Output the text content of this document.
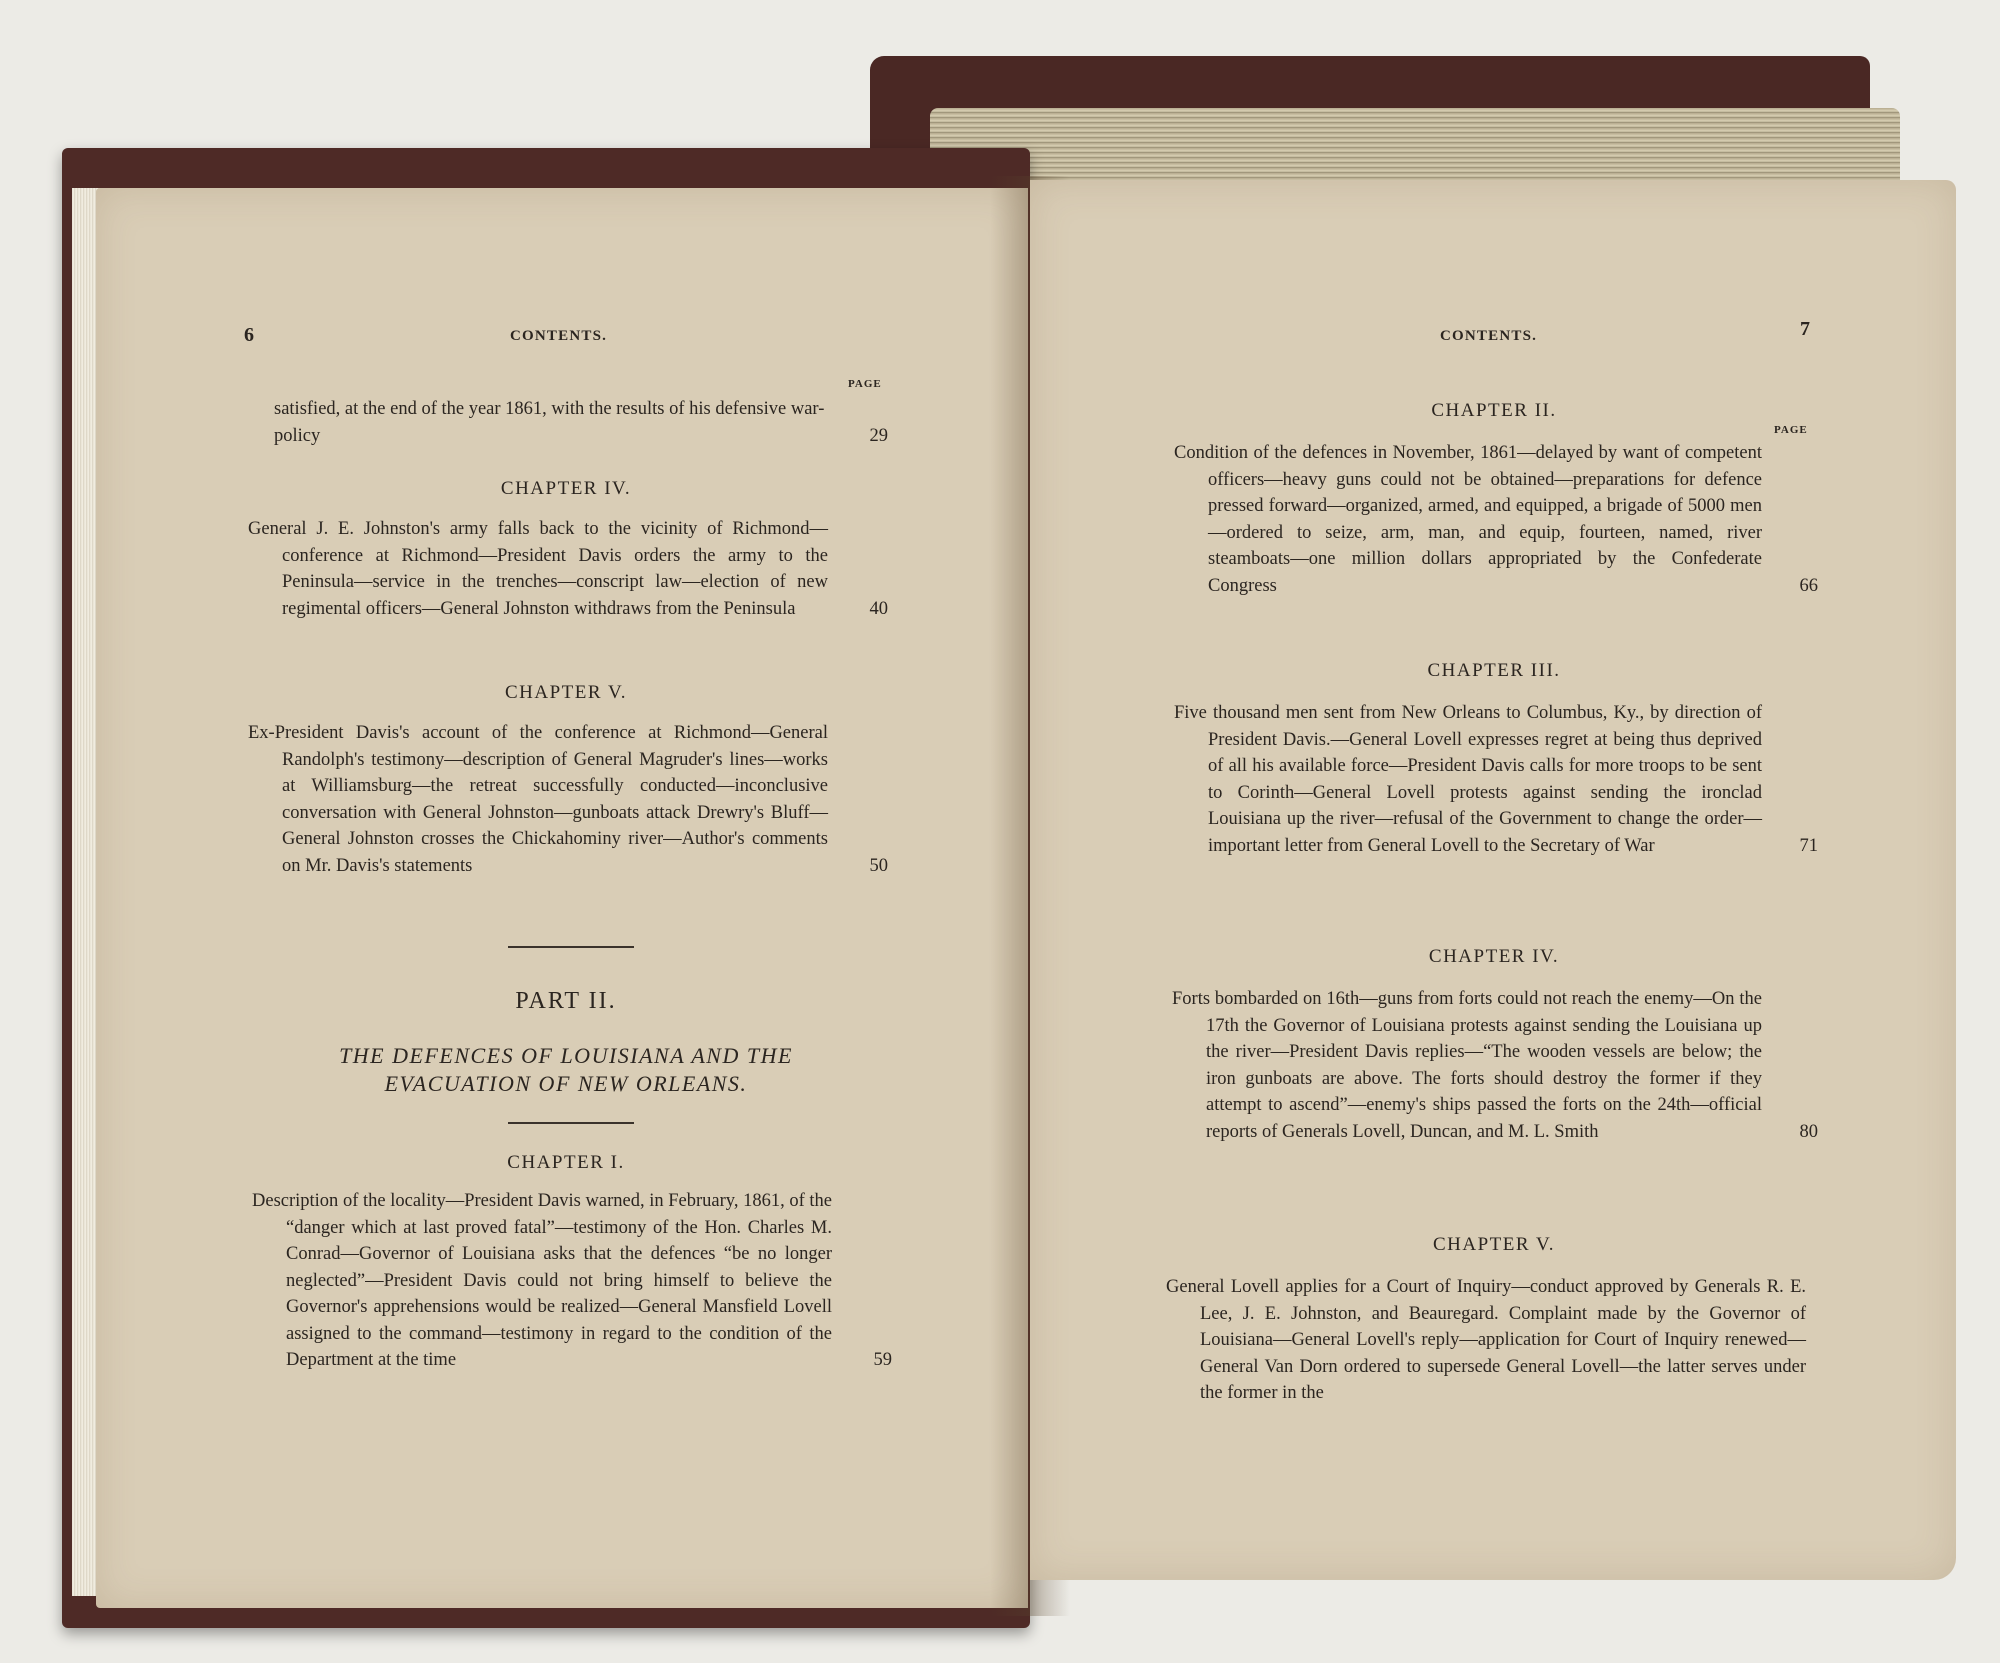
6	CONTENTS.
PAGE
satisfied, at the end of the year 1861, with the results of his defensive war-policy	29
CHAPTER IV.
General J. E. Johnston's army falls back to the vicinity of Richmond—conference at Richmond—President Davis orders the army to the Peninsula—service in the trenches—conscript law—election of new regimental officers—General Johnston withdraws from the Peninsula	40
CHAPTER V.
Ex-President Davis's account of the conference at Richmond—General Randolph's testimony—description of General Magruder's lines—works at Williamsburg—the retreat successfully conducted—inconclusive conversation with General Johnston—gunboats attack Drewry's Bluff—General Johnston crosses the Chickahominy river—Author's comments on Mr. Davis's statements	50
PART II.
THE DEFENCES OF LOUISIANA AND THE
EVACUATION OF NEW ORLEANS.
CHAPTER I.
Description of the locality—President Davis warned, in February, 1861, of the “danger which at last proved fatal”—testimony of the Hon. Charles M. Conrad—Governor of Louisiana asks that the defences “be no longer neglected”—President Davis could not bring himself to believe the Governor's apprehensions would be realized—General Mansfield Lovell assigned to the command—testimony in regard to the condition of the Department at the time	59
CONTENTS.	7
CHAPTER II.
PAGE
Condition of the defences in November, 1861—delayed by want of competent officers—heavy guns could not be obtained—preparations for defence pressed forward—organized, armed, and equipped, a brigade of 5000 men—ordered to seize, arm, man, and equip, fourteen, named, river steamboats—one million dollars appropriated by the Confederate Congress	66
CHAPTER III.
Five thousand men sent from New Orleans to Columbus, Ky., by direction of President Davis.—General Lovell expresses regret at being thus deprived of all his available force—President Davis calls for more troops to be sent to Corinth—General Lovell protests against sending the ironclad Louisiana up the river—refusal of the Government to change the order—important letter from General Lovell to the Secretary of War	71
CHAPTER IV.
Forts bombarded on 16th—guns from forts could not reach the enemy—On the 17th the Governor of Louisiana protests against sending the Louisiana up the river—President Davis replies—“The wooden vessels are below; the iron gunboats are above. The forts should destroy the former if they attempt to ascend”—enemy's ships passed the forts on the 24th—official reports of Generals Lovell, Duncan, and M. L. Smith	80
CHAPTER V.
General Lovell applies for a Court of Inquiry—conduct approved by Generals R. E. Lee, J. E. Johnston, and Beauregard. Complaint made by the Governor of Louisiana—General Lovell's reply—application for Court of Inquiry renewed—General Van Dorn ordered to supersede General Lovell—the latter serves under the former in the
